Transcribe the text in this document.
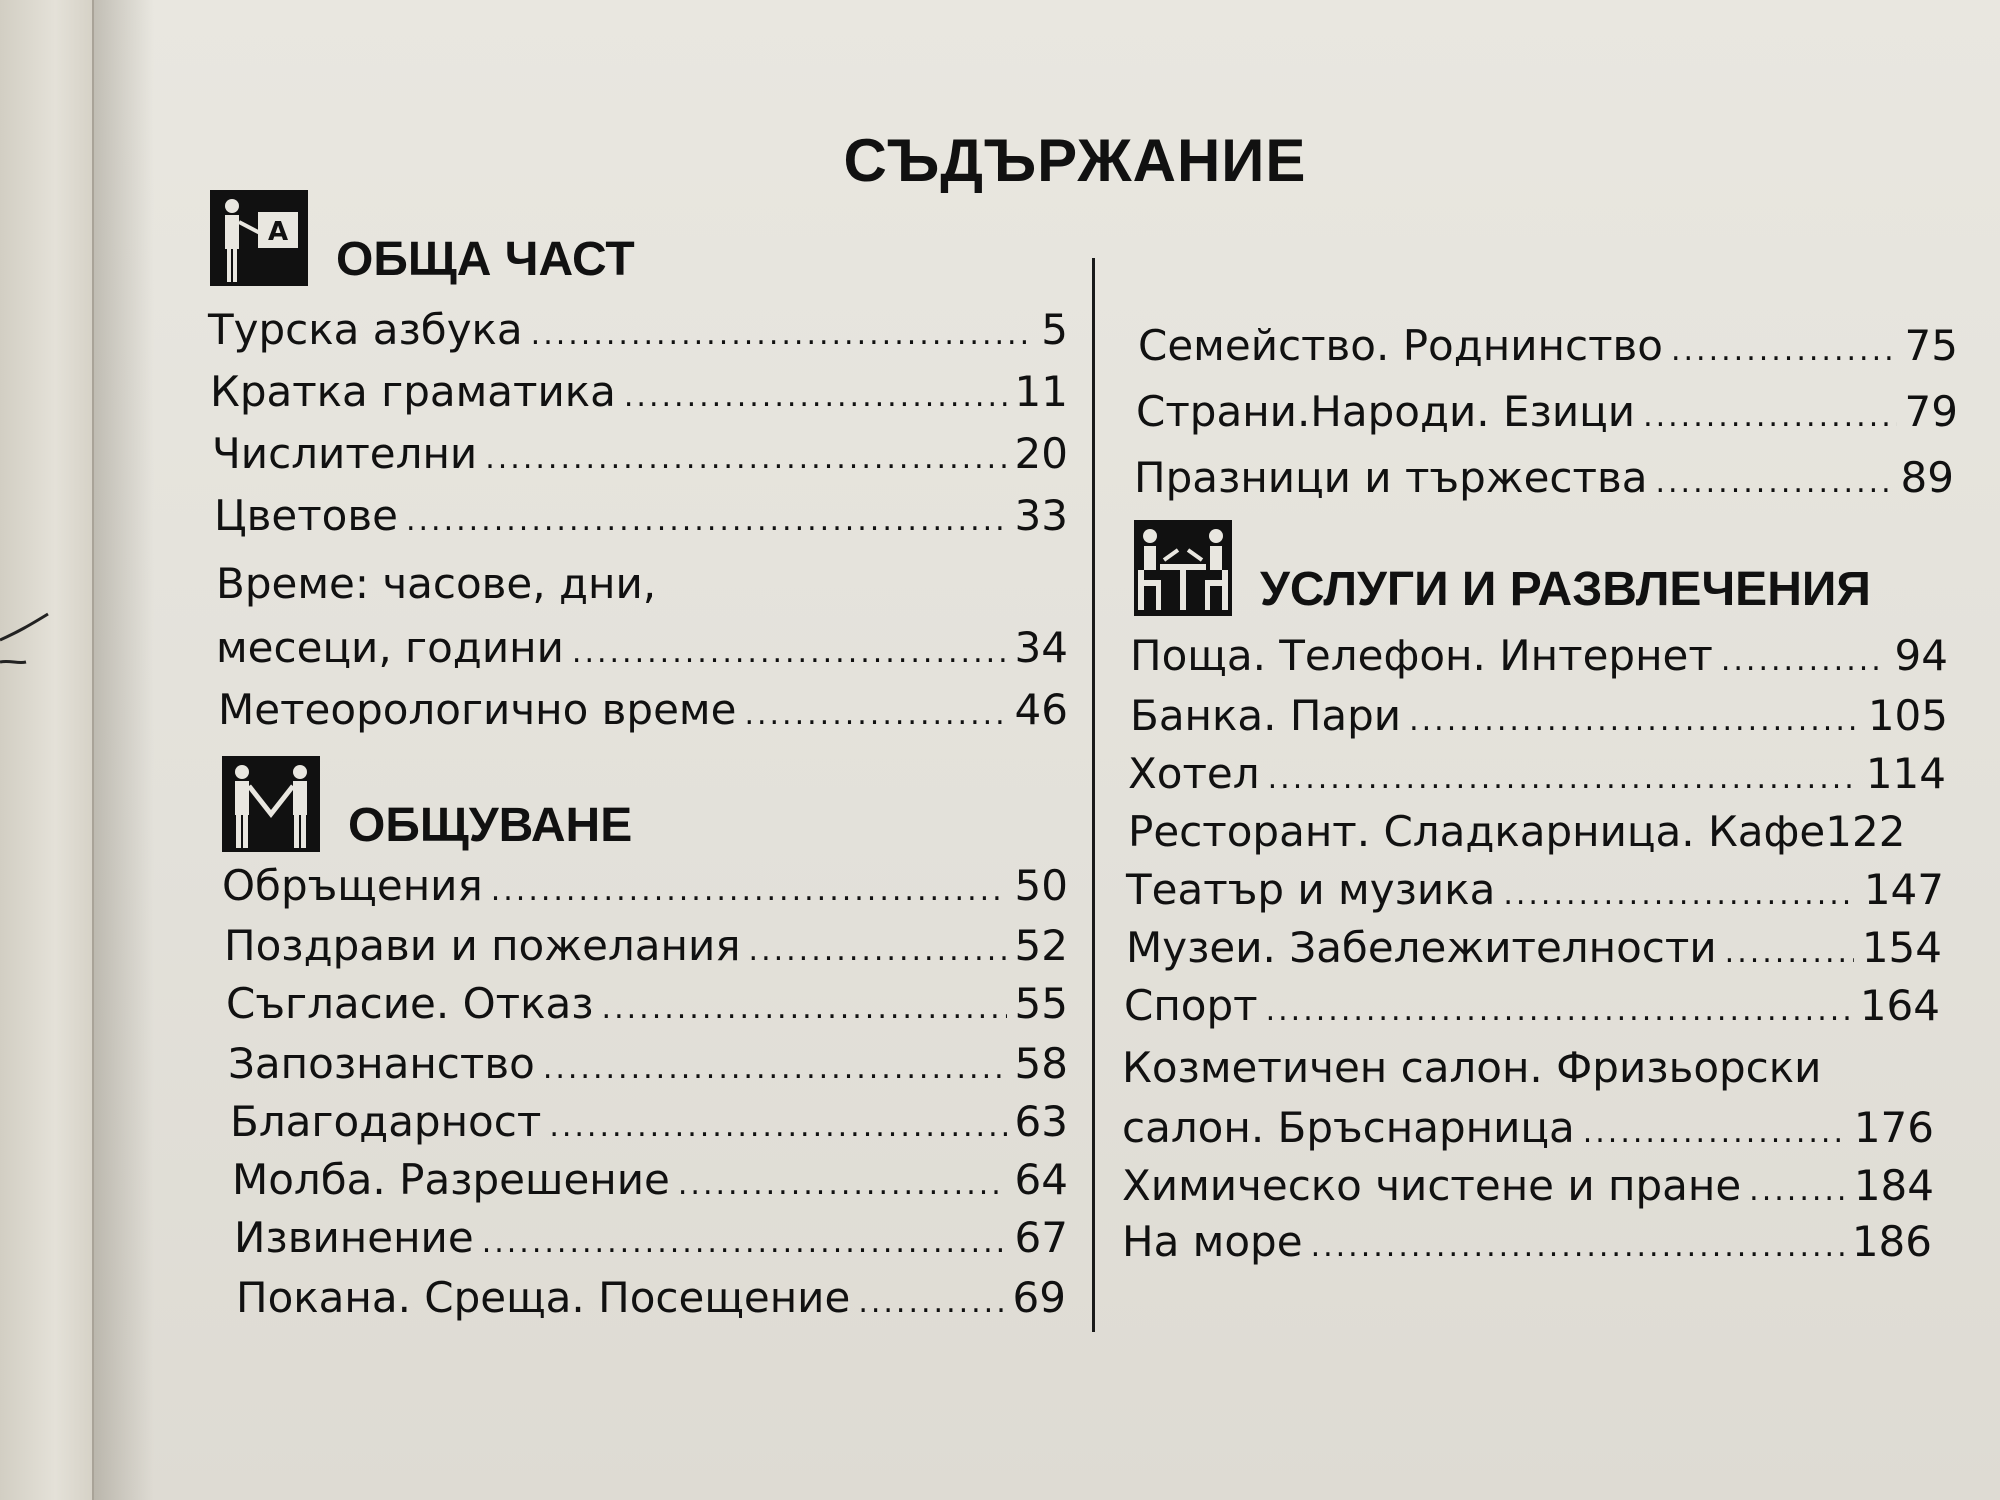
СЪДЪРЖАНИЕ
A
ОБЩА ЧАСТ
Турска азбука .....	5
Кратка граматика .....	11
Числителни .....	20
Цветове .....	33
Време: часове, дни,
месеци, години .....	34
Метеорологично време .....	46
ОБЩУВАНЕ
Обръщения .....	50
Поздрави и пожелания .....	52
Съгласие. Отказ .....	55
Запознанство .....	58
Благодарност .....	63
Молба. Разрешение .....	64
Извинение .....	67
Покана. Среща. Посещение .....	69
Семейство. Роднинство .....	75
Страни.Народи. Езици .....	79
Празници и тържества .....	89
УСЛУГИ И РАЗВЛЕЧЕНИЯ
Поща. Телефон. Интернет .....	94
Банка. Пари .....	105
Хотел .....	114
Ресторант. Сладкарница. Кафе 122
Театър и музика .....	147
Музеи. Забележителности .....	154
Спорт .....	164
Козметичен салон. Фризьорски
салон. Бръснарница .....	176
Химическо чистене и пране .....	184
На море .....	186
